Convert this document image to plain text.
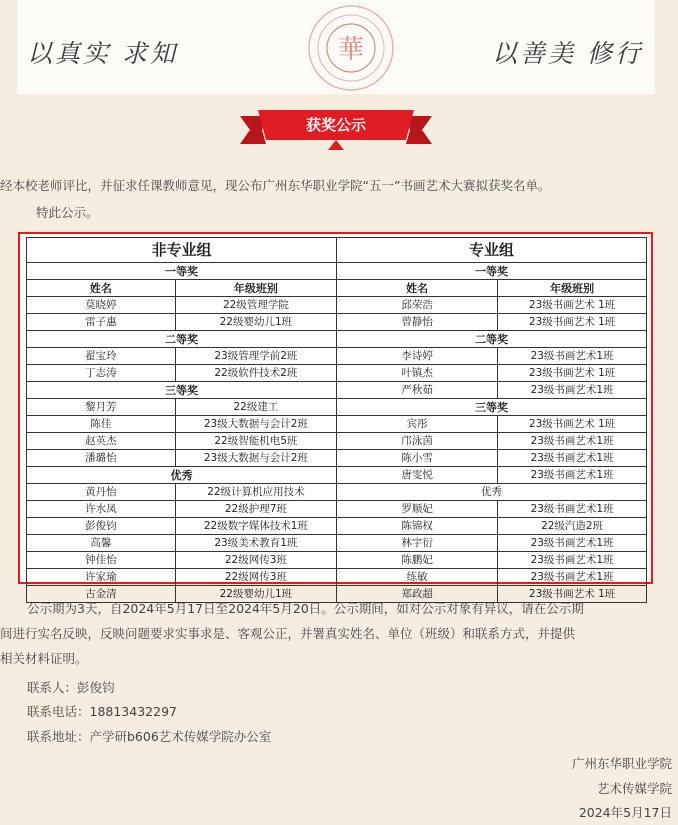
以真实 求知	華	以善美 修行
获奖公示
经本校老师评比，并征求任课教师意见，现公布广州东华职业学院“五一”书画艺术大赛拟获奖名单。
特此公示。
非专业组		专业组	
一等奖		一等奖	
姓名	年级班别	姓名	年级班别
莫晓婷	22级管理学院	邱荣浩	23级书画艺术 1班
雷子惠	22级婴幼儿1班	曾静怡	23级书画艺术 1班
二等奖		二等奖	
翟宝玲	23级管理学前2班	李诗婷	23级书画艺术1班
丁志涛	22级软件技术2班	叶镇杰	23级书画艺术 1班
三等奖		严秋茹	23级书画艺术1班
黎月芳	22级建工	三等奖	
陈佳	23级大数据与会计2班	宾彤	23级书画艺术 1班
赵英杰	22级智能机电5班	邝泳茵	23级书画艺术1班
潘璐怡	23级大数据与会计2班	陈小雪	23级书画艺术1班
优秀		唐雯悦	23级书画艺术1班
黄丹怡	22级计算机应用技术	优秀	
许水凤	22级护理7班	罗顺妃	23级书画艺术1班
彭俊钧	22级数字媒体技术1班	陈锦权	22级汽造2班
高馨	23级美术教育1班	林宇衍	23级书画艺术1班
钟佳怡	22级网传3班	陈鹏妃	23级书画艺术1班
许家瑜	22级网传3班	练敏	23级书画艺术1班
古金清	22级婴幼儿1班	郑政超	23级书画艺术 1班

公示期为3天，自2024年5月17日至2024年5月20日。公示期间，如对公示对象有异议，请在公示期

间进行实名反映，反映问题要求实事求是、客观公正，并署真实姓名、单位（班级）和联系方式，并提供

相关材料证明。

联系人：彭俊钧
联系电话：18813432297
联系地址：产学研b606艺术传媒学院办公室
广州东华职业学院
艺术传媒学院
2024年5月17日
